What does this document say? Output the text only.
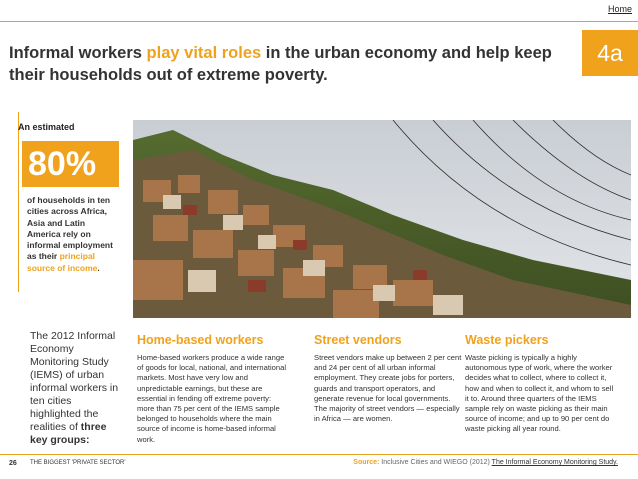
Home
Informal workers play vital roles in the urban economy and help keep their households out of extreme poverty.
4a
An estimated
80%
of households in ten cities across Africa, Asia and Latin America rely on informal employment as their principal source of income.
The 2012 Informal Economy Monitoring Study (IEMS) of urban informal workers in ten cities highlighted the realities of three key groups:
Home-based workers

Home-based workers produce a wide range of goods for local, national, and international markets. Most have very low and unpredictable earnings, but these are essential in fending off extreme poverty: more than 75 per cent of the IEMS sample belonged to households where the main source of income is home-based informal work.

Street vendors

Street vendors make up between 2 per cent and 24 per cent of all urban informal employment. They create jobs for porters, guards and transport operators, and generate revenue for local governments. The majority of street vendors — especially in Africa — are women.

Waste pickers

Waste picking is typically a highly autonomous type of work, where the worker decides what to collect, where to collect it, how and when to collect it, and whom to sell it to. Around three quarters of the IEMS sample rely on waste picking as their main source of income; and up to 90 per cent do waste picking all year round.

26 THE BIGGEST 'PRIVATE SECTOR'	Source: Inclusive Cities and WIEGO (2012) The Informal Economy Monitoring Study.
